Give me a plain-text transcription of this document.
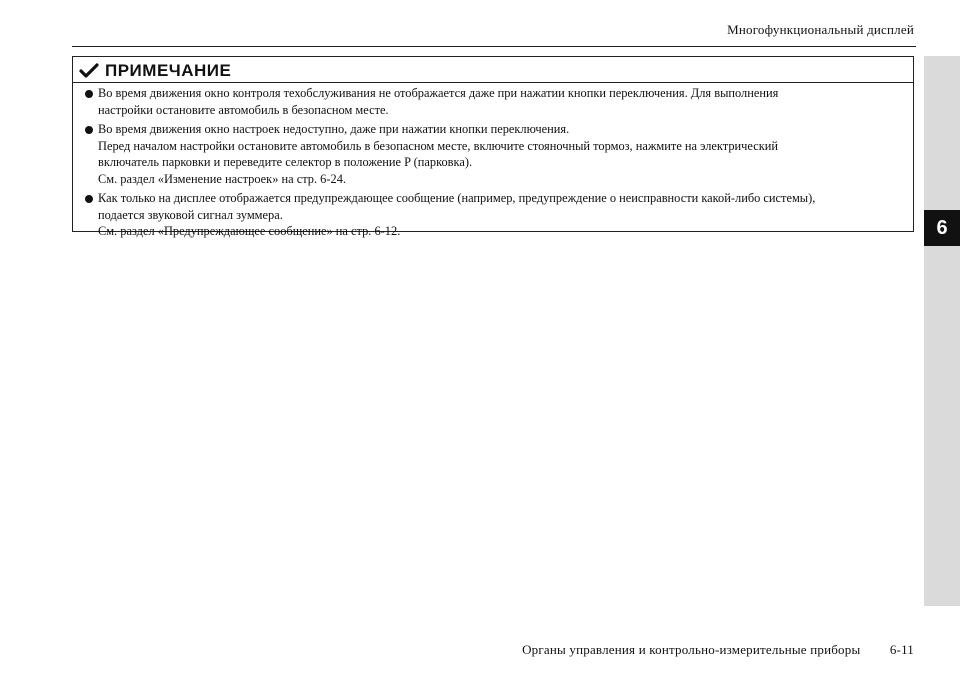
Многофункциональный дисплей
6
ПРИМЕЧАНИЕ
Во время движения окно контроля техобслуживания не отображается даже при нажатии кнопки переключения. Для выполнения
настройки остановите автомобиль в безопасном месте.
Во время движения окно настроек недоступно, даже при нажатии кнопки переключения.
Перед началом настройки остановите автомобиль в безопасном месте, включите стояночный тормоз, нажмите на электрический
включатель парковки и переведите селектор в положение P (парковка).
См. раздел «Изменение настроек» на стр. 6-24.
Как только на дисплее отображается предупреждающее сообщение (например, предупреждение о неисправности какой-либо системы),
подается звуковой сигнал зуммера.
См. раздел «Предупреждающее сообщение» на стр. 6-12.
Органы управления и контрольно-измерительные приборы 6-11
